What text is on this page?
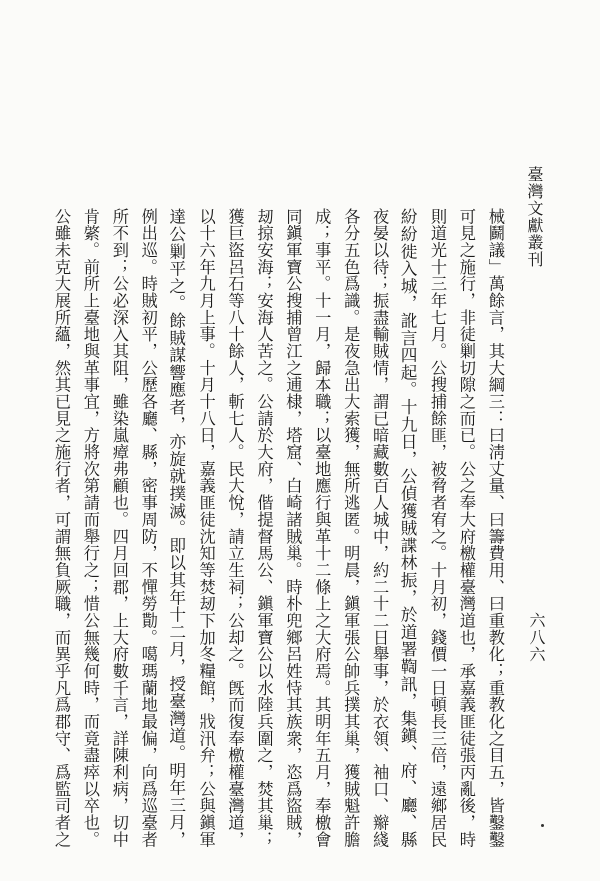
臺灣文獻叢刊
六八六
械鬬議」萬餘言，其大綱三：曰淸丈量、曰籌費用、曰重教化；重教化之目五，皆鑿鑿
可見之施行，非徒剿切隙之而已。公之奉大府檄權臺灣道也，承嘉義匪徒張丙亂後，時
則道光十三年七月。公搜捕餘匪，被脅者宥之。十月初，錢價一日頓長三倍，遠鄉居民
紛紛徙入城，訛言四起。十九日，公偵獲賊諜林振，於道署鞫訊，集鎭、府、廳、縣
夜晏以待；振盡輸賊情，謂已暗藏數百人城中，約二十二日舉事，於衣領、袖口、辮綫
各分五色爲識。是夜急出大索獲，無所逃匿。明晨，鎭軍張公帥兵撲其巢，獲賊魁許膽
成；事平。十一月，歸本職；以臺地應行與革十二條上之大府焉。其明年五月，奉檄會
同鎭軍寶公搜捕曾江之逋棣，塔窟、白崎諸賊巢。時朴兜鄉呂姓恃其族衆，恣爲盜賊，
刼掠安海；安海人苦之。公請於大府，偕提督馬公、鎭軍寶公以水陸兵圍之，焚其巢；
獲巨盜呂石等八十餘人，斬七人。民大悅，請立生祠；公却之。旣而復奉檄權臺灣道，
以十六年九月上事。十月十八日，嘉義匪徒沈知等焚刼下加冬糧館，戕汛弁；公與鎭軍
達公剿平之。餘賊謀響應者，亦旋就撲滅。即以其年十二月，授臺灣道。明年三月，
例出巡。時賊初平，公歷各廳、縣，密事周防，不憚勞勩。噶瑪蘭地最偏，向爲巡臺者
所不到；公必深入其阻，雖染嵐瘴弗顧也。四月回郡，上大府數千言，詳陳利病，切中
肯綮。前所上臺地與革事宜，方將次第請而舉行之；惜公無幾何時，而竟盡瘁以卒也。
公雖未克大展所蘊，然其已見之施行者，可謂無負厥職，而異乎凡爲郡守、爲監司者之
